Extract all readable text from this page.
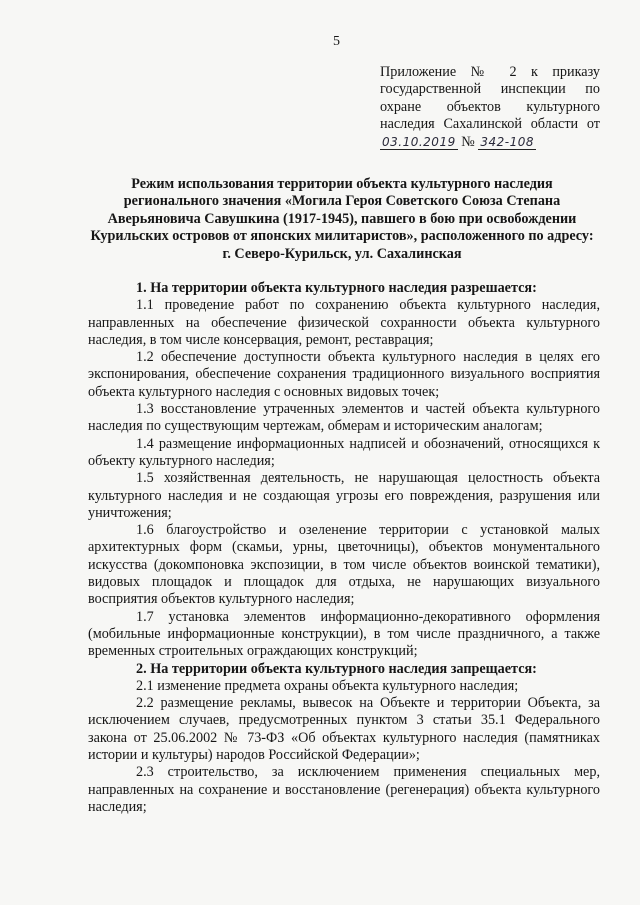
5
Приложение № 2 к приказу государственной инспекции по охране объектов культурного наследия Сахалинской области от 03.10.2019 № 342-108
Режим использования территории объекта культурного наследия регионального значения «Могила Героя Советского Союза Степана Аверьяновича Савушкина (1917-1945), павшего в бою при освобождении Курильских островов от японских милитаристов», расположенного по адресу: г. Северо-Курильск, ул. Сахалинская

1. На территории объекта культурного наследия разрешается:

1.1 проведение работ по сохранению объекта культурного наследия, направленных на обеспечение физической сохранности объекта культурного наследия, в том числе консервация, ремонт, реставрация;

1.2 обеспечение доступности объекта культурного наследия в целях его экспонирования, обеспечение сохранения традиционного визуального восприятия объекта культурного наследия с основных видовых точек;

1.3 восстановление утраченных элементов и частей объекта культурного наследия по существующим чертежам, обмерам и историческим аналогам;

1.4 размещение информационных надписей и обозначений, относящихся к объекту культурного наследия;

1.5 хозяйственная деятельность, не нарушающая целостность объекта культурного наследия и не создающая угрозы его повреждения, разрушения или уничтожения;

1.6 благоустройство и озеленение территории с установкой малых архитектурных форм (скамьи, урны, цветочницы), объектов монументального искусства (докомпоновка экспозиции, в том числе объектов воинской тематики), видовых площадок и площадок для отдыха, не нарушающих визуального восприятия объектов культурного наследия;

1.7 установка элементов информационно-декоративного оформления (мобильные информационные конструкции), в том числе праздничного, а также временных строительных ограждающих конструкций;

2. На территории объекта культурного наследия запрещается:

2.1 изменение предмета охраны объекта культурного наследия;

2.2 размещение рекламы, вывесок на Объекте и территории Объекта, за исключением случаев, предусмотренных пунктом 3 статьи 35.1 Федерального закона от 25.06.2002 № 73-ФЗ «Об объектах культурного наследия (памятниках истории и культуры) народов Российской Федерации»;

2.3 строительство, за исключением применения специальных мер, направленных на сохранение и восстановление (регенерация) объекта культурного наследия;
